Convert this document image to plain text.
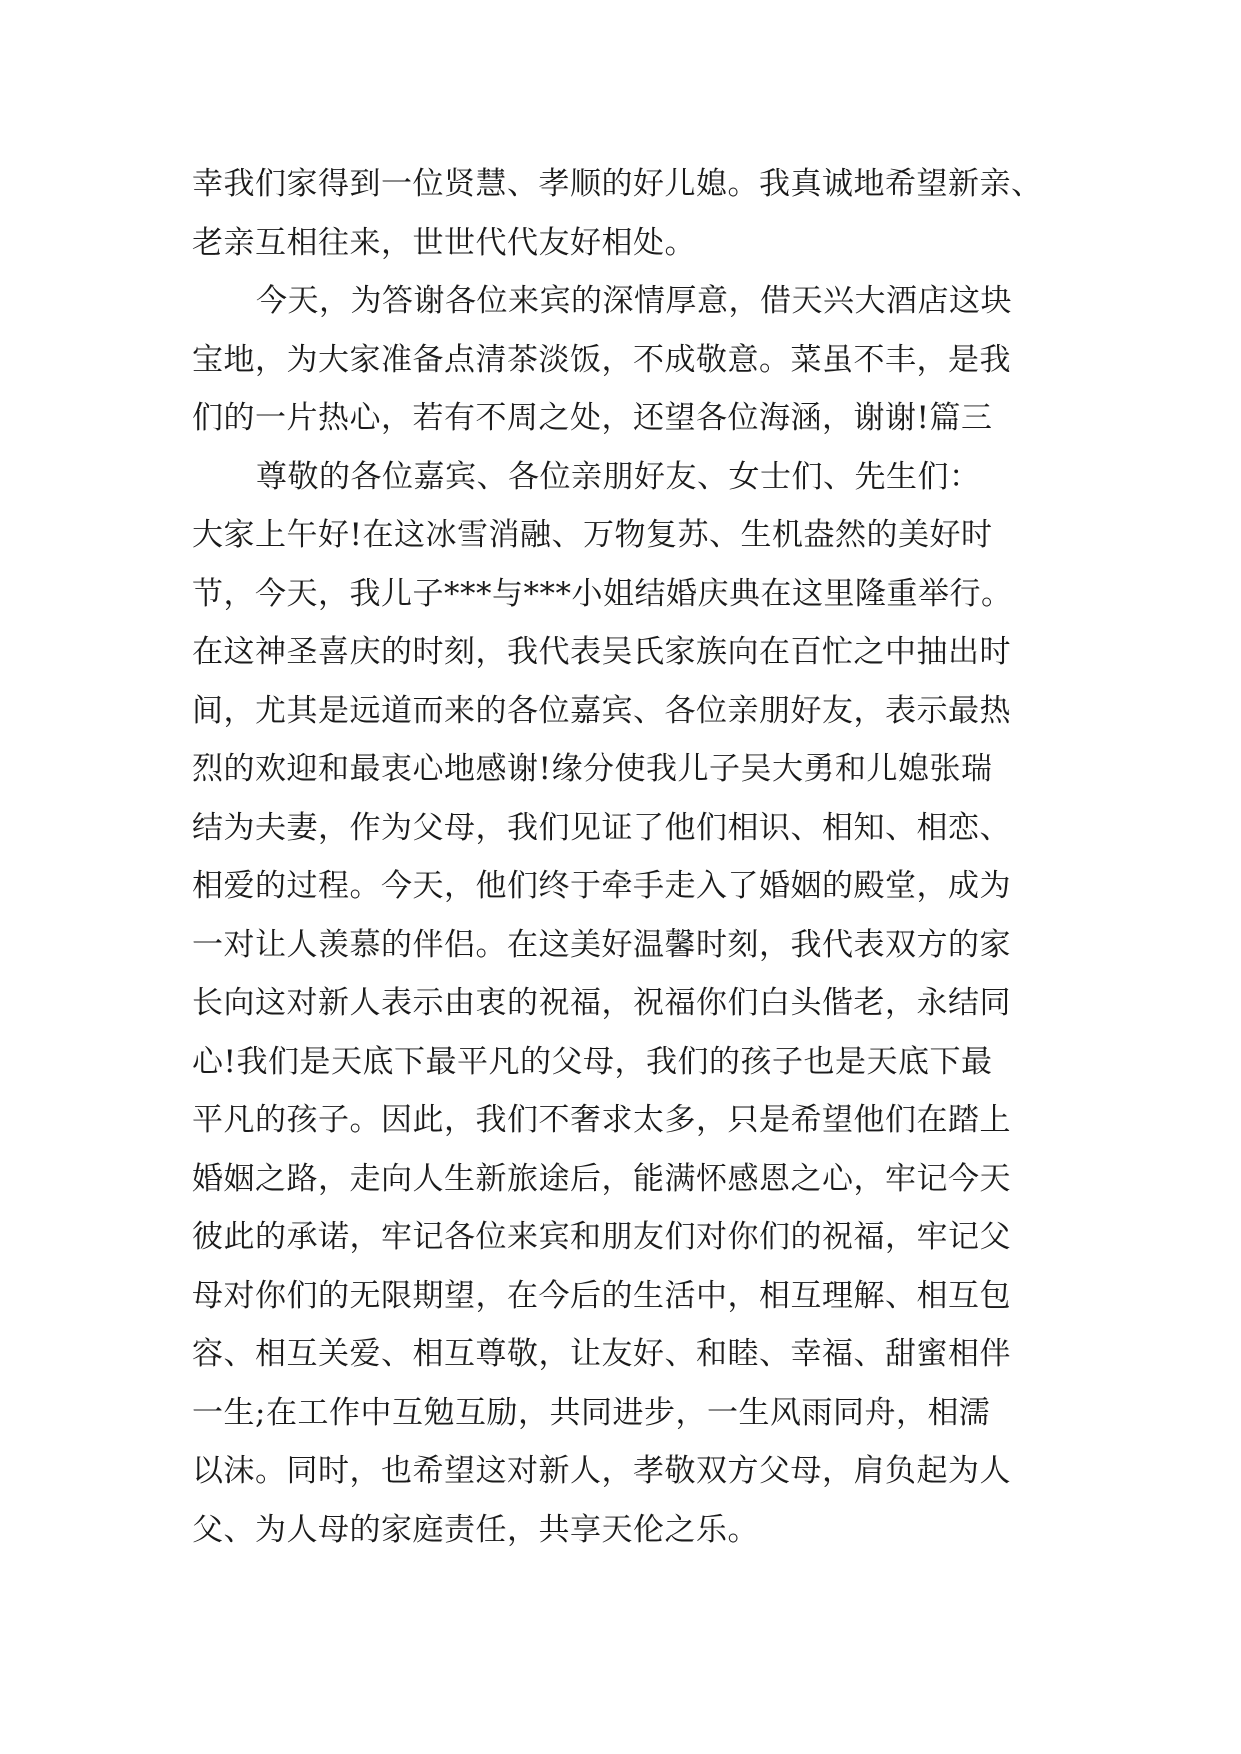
幸我们家得到一位贤慧、孝顺的好儿媳。我真诚地希望新亲、
老亲互相往来，世世代代友好相处。
今天，为答谢各位来宾的深情厚意，借天兴大酒店这块
宝地，为大家准备点清茶淡饭，不成敬意。菜虽不丰，是我
们的一片热心，若有不周之处，还望各位海涵，谢谢!篇三
尊敬的各位嘉宾、各位亲朋好友、女士们、先生们：
大家上午好!在这冰雪消融、万物复苏、生机盎然的美好时
节，今天，我儿子***与***小姐结婚庆典在这里隆重举行。
在这神圣喜庆的时刻，我代表吴氏家族向在百忙之中抽出时
间，尤其是远道而来的各位嘉宾、各位亲朋好友，表示最热
烈的欢迎和最衷心地感谢!缘分使我儿子吴大勇和儿媳张瑞
结为夫妻，作为父母，我们见证了他们相识、相知、相恋、
相爱的过程。今天，他们终于牵手走入了婚姻的殿堂，成为
一对让人羡慕的伴侣。在这美好温馨时刻，我代表双方的家
长向这对新人表示由衷的祝福，祝福你们白头偕老，永结同
心!我们是天底下最平凡的父母，我们的孩子也是天底下最
平凡的孩子。因此，我们不奢求太多，只是希望他们在踏上
婚姻之路，走向人生新旅途后，能满怀感恩之心，牢记今天
彼此的承诺，牢记各位来宾和朋友们对你们的祝福，牢记父
母对你们的无限期望，在今后的生活中，相互理解、相互包
容、相互关爱、相互尊敬，让友好、和睦、幸福、甜蜜相伴
一生;在工作中互勉互励，共同进步，一生风雨同舟，相濡
以沫。同时，也希望这对新人，孝敬双方父母，肩负起为人
父、为人母的家庭责任，共享天伦之乐。
